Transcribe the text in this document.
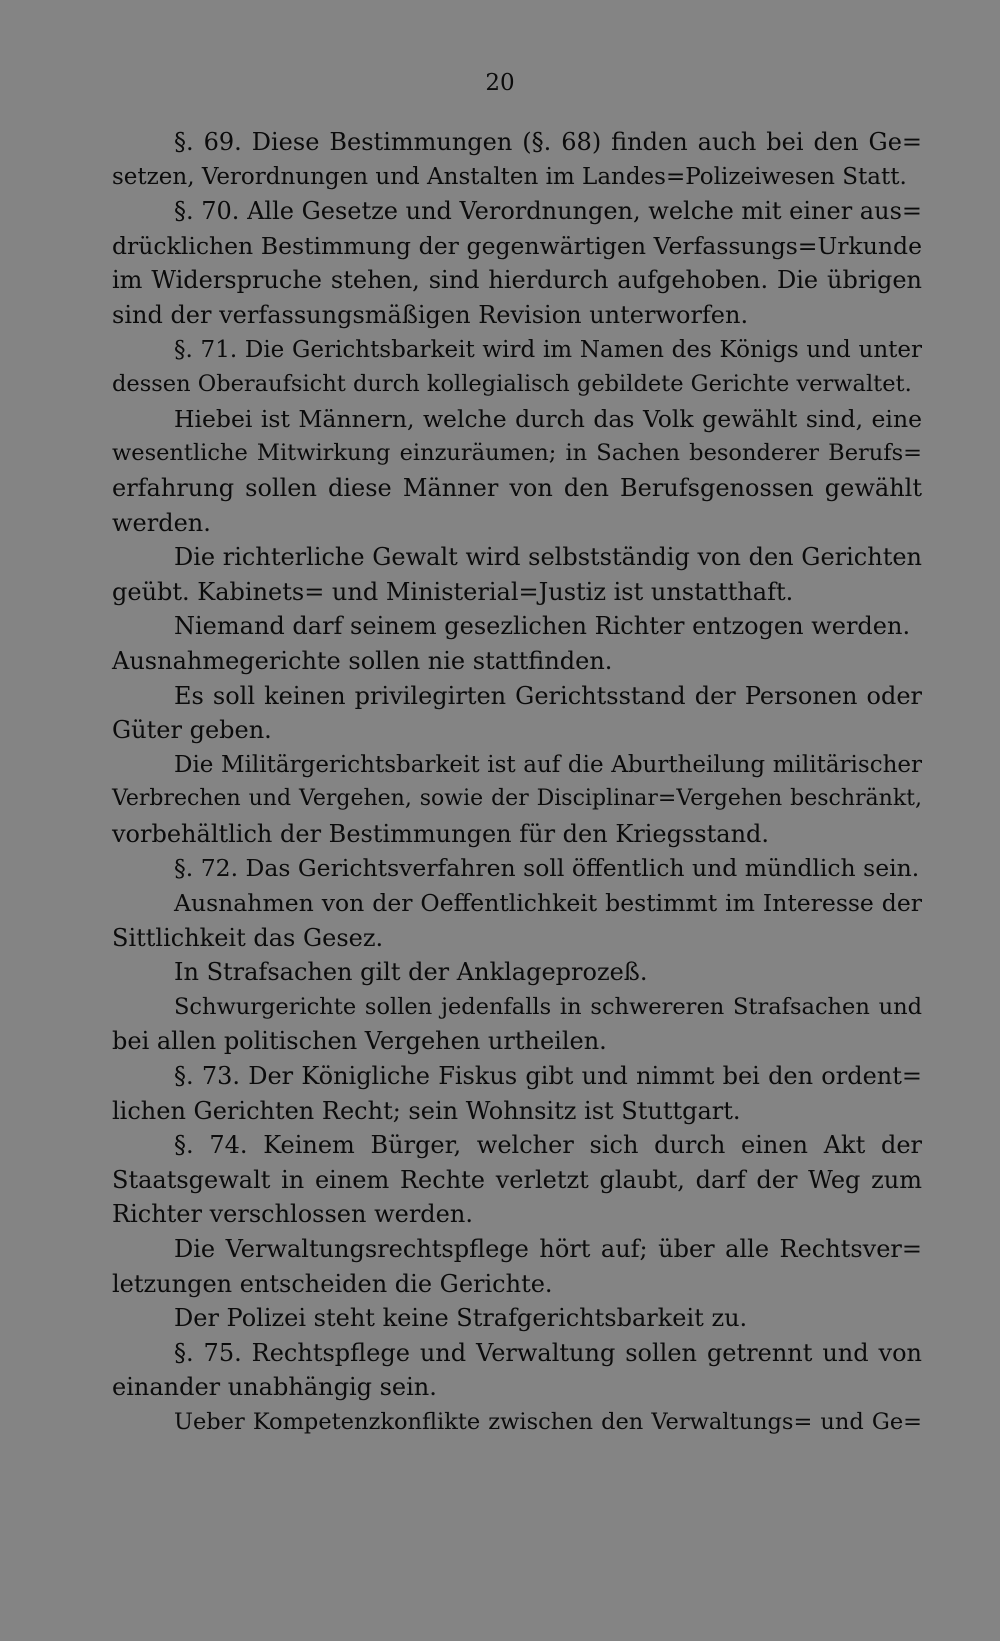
20
§. 69. Diese Bestimmungen (§. 68) finden auch bei den Ge=
setzen, Verordnungen und Anstalten im Landes=Polizeiwesen Statt.
§. 70. Alle Gesetze und Verordnungen, welche mit einer aus=
drücklichen Bestimmung der gegenwärtigen Verfassungs=Urkunde
im Widerspruche stehen, sind hierdurch aufgehoben. Die übrigen
sind der verfassungsmäßigen Revision unterworfen.
§. 71. Die Gerichtsbarkeit wird im Namen des Königs und unter
dessen Oberaufsicht durch kollegialisch gebildete Gerichte verwaltet.
Hiebei ist Männern, welche durch das Volk gewählt sind, eine
wesentliche Mitwirkung einzuräumen; in Sachen besonderer Berufs=
erfahrung sollen diese Männer von den Berufsgenossen gewählt
werden.
Die richterliche Gewalt wird selbstständig von den Gerichten
geübt. Kabinets= und Ministerial=Justiz ist unstatthaft.
Niemand darf seinem gesezlichen Richter entzogen werden.
Ausnahmegerichte sollen nie stattfinden.
Es soll keinen privilegirten Gerichtsstand der Personen oder
Güter geben.
Die Militärgerichtsbarkeit ist auf die Aburtheilung militärischer
Verbrechen und Vergehen, sowie der Disciplinar=Vergehen beschränkt,
vorbehältlich der Bestimmungen für den Kriegsstand.
§. 72. Das Gerichtsverfahren soll öffentlich und mündlich sein.
Ausnahmen von der Oeffentlichkeit bestimmt im Interesse der
Sittlichkeit das Gesez.
In Strafsachen gilt der Anklageprozeß.
Schwurgerichte sollen jedenfalls in schwereren Strafsachen und
bei allen politischen Vergehen urtheilen.
§. 73. Der Königliche Fiskus gibt und nimmt bei den ordent=
lichen Gerichten Recht; sein Wohnsitz ist Stuttgart.
§. 74. Keinem Bürger, welcher sich durch einen Akt der
Staatsgewalt in einem Rechte verletzt glaubt, darf der Weg zum
Richter verschlossen werden.
Die Verwaltungsrechtspflege hört auf; über alle Rechtsver=
letzungen entscheiden die Gerichte.
Der Polizei steht keine Strafgerichtsbarkeit zu.
§. 75. Rechtspflege und Verwaltung sollen getrennt und von
einander unabhängig sein.
Ueber Kompetenzkonflikte zwischen den Verwaltungs= und Ge=
